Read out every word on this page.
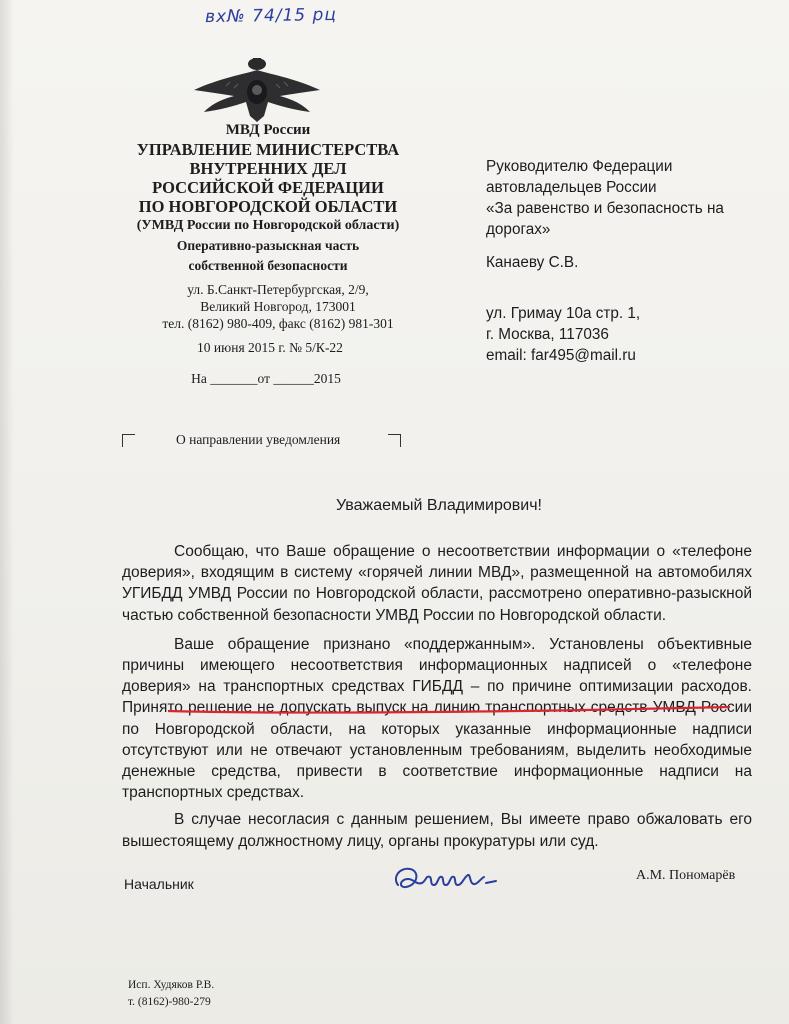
вх№ 74/15 рц
МВД России
УПРАВЛЕНИЕ МИНИСТЕРСТВА
ВНУТРЕННИХ ДЕЛ
РОССИЙСКОЙ ФЕДЕРАЦИИ
ПО НОВГОРОДСКОЙ ОБЛАСТИ
(УМВД России по Новгородской области)
Оперативно-разыскная часть
собственной безопасности
ул. Б.Санкт-Петербургская, 2/9,
Великий Новгород, 173001
тел. (8162) 980-409, факс (8162) 981-301
10 июня 2015 г. № 5/К-22
На _______от ______2015
Руководителю Федерации
автовладельцев России
«За равенство и безопасность на
дорогах»
Канаеву С.В.
ул. Гримау 10а стр. 1,
г. Москва, 117036
email: far495@mail.ru
О направлении уведомления
Уважаемый Владимирович!

Сообщаю, что Ваше обращение о несоответствии информации о «телефоне доверия», входящим в систему «горячей линии МВД», размещенной на автомобилях УГИБДД УМВД России по Новгородской области, рассмотрено оперативно-разыскной частью собственной безопасности УМВД России по Новгородской области.

Ваше обращение признано «поддержанным». Установлены объективные причины имеющего несоответствия информационных надписей о «телефоне доверия» на транспортных средствах ГИБДД – по причине оптимизации расходов. Принято решение не допускать выпуск на линию транспортных средств УМВД России по Новгородской области, на которых указанные информационные надписи отсутствуют или не отвечают установленным требованиям, выделить необходимые денежные средства, привести в соответствие информационные надписи на транспортных средствах.

В случае несогласия с данным решением, Вы имеете право обжаловать его вышестоящему должностному лицу, органы прокуратуры или суд.

Начальник
А.М. Пономарёв
Исп. Худяков Р.В.
т. (8162)-980-279
